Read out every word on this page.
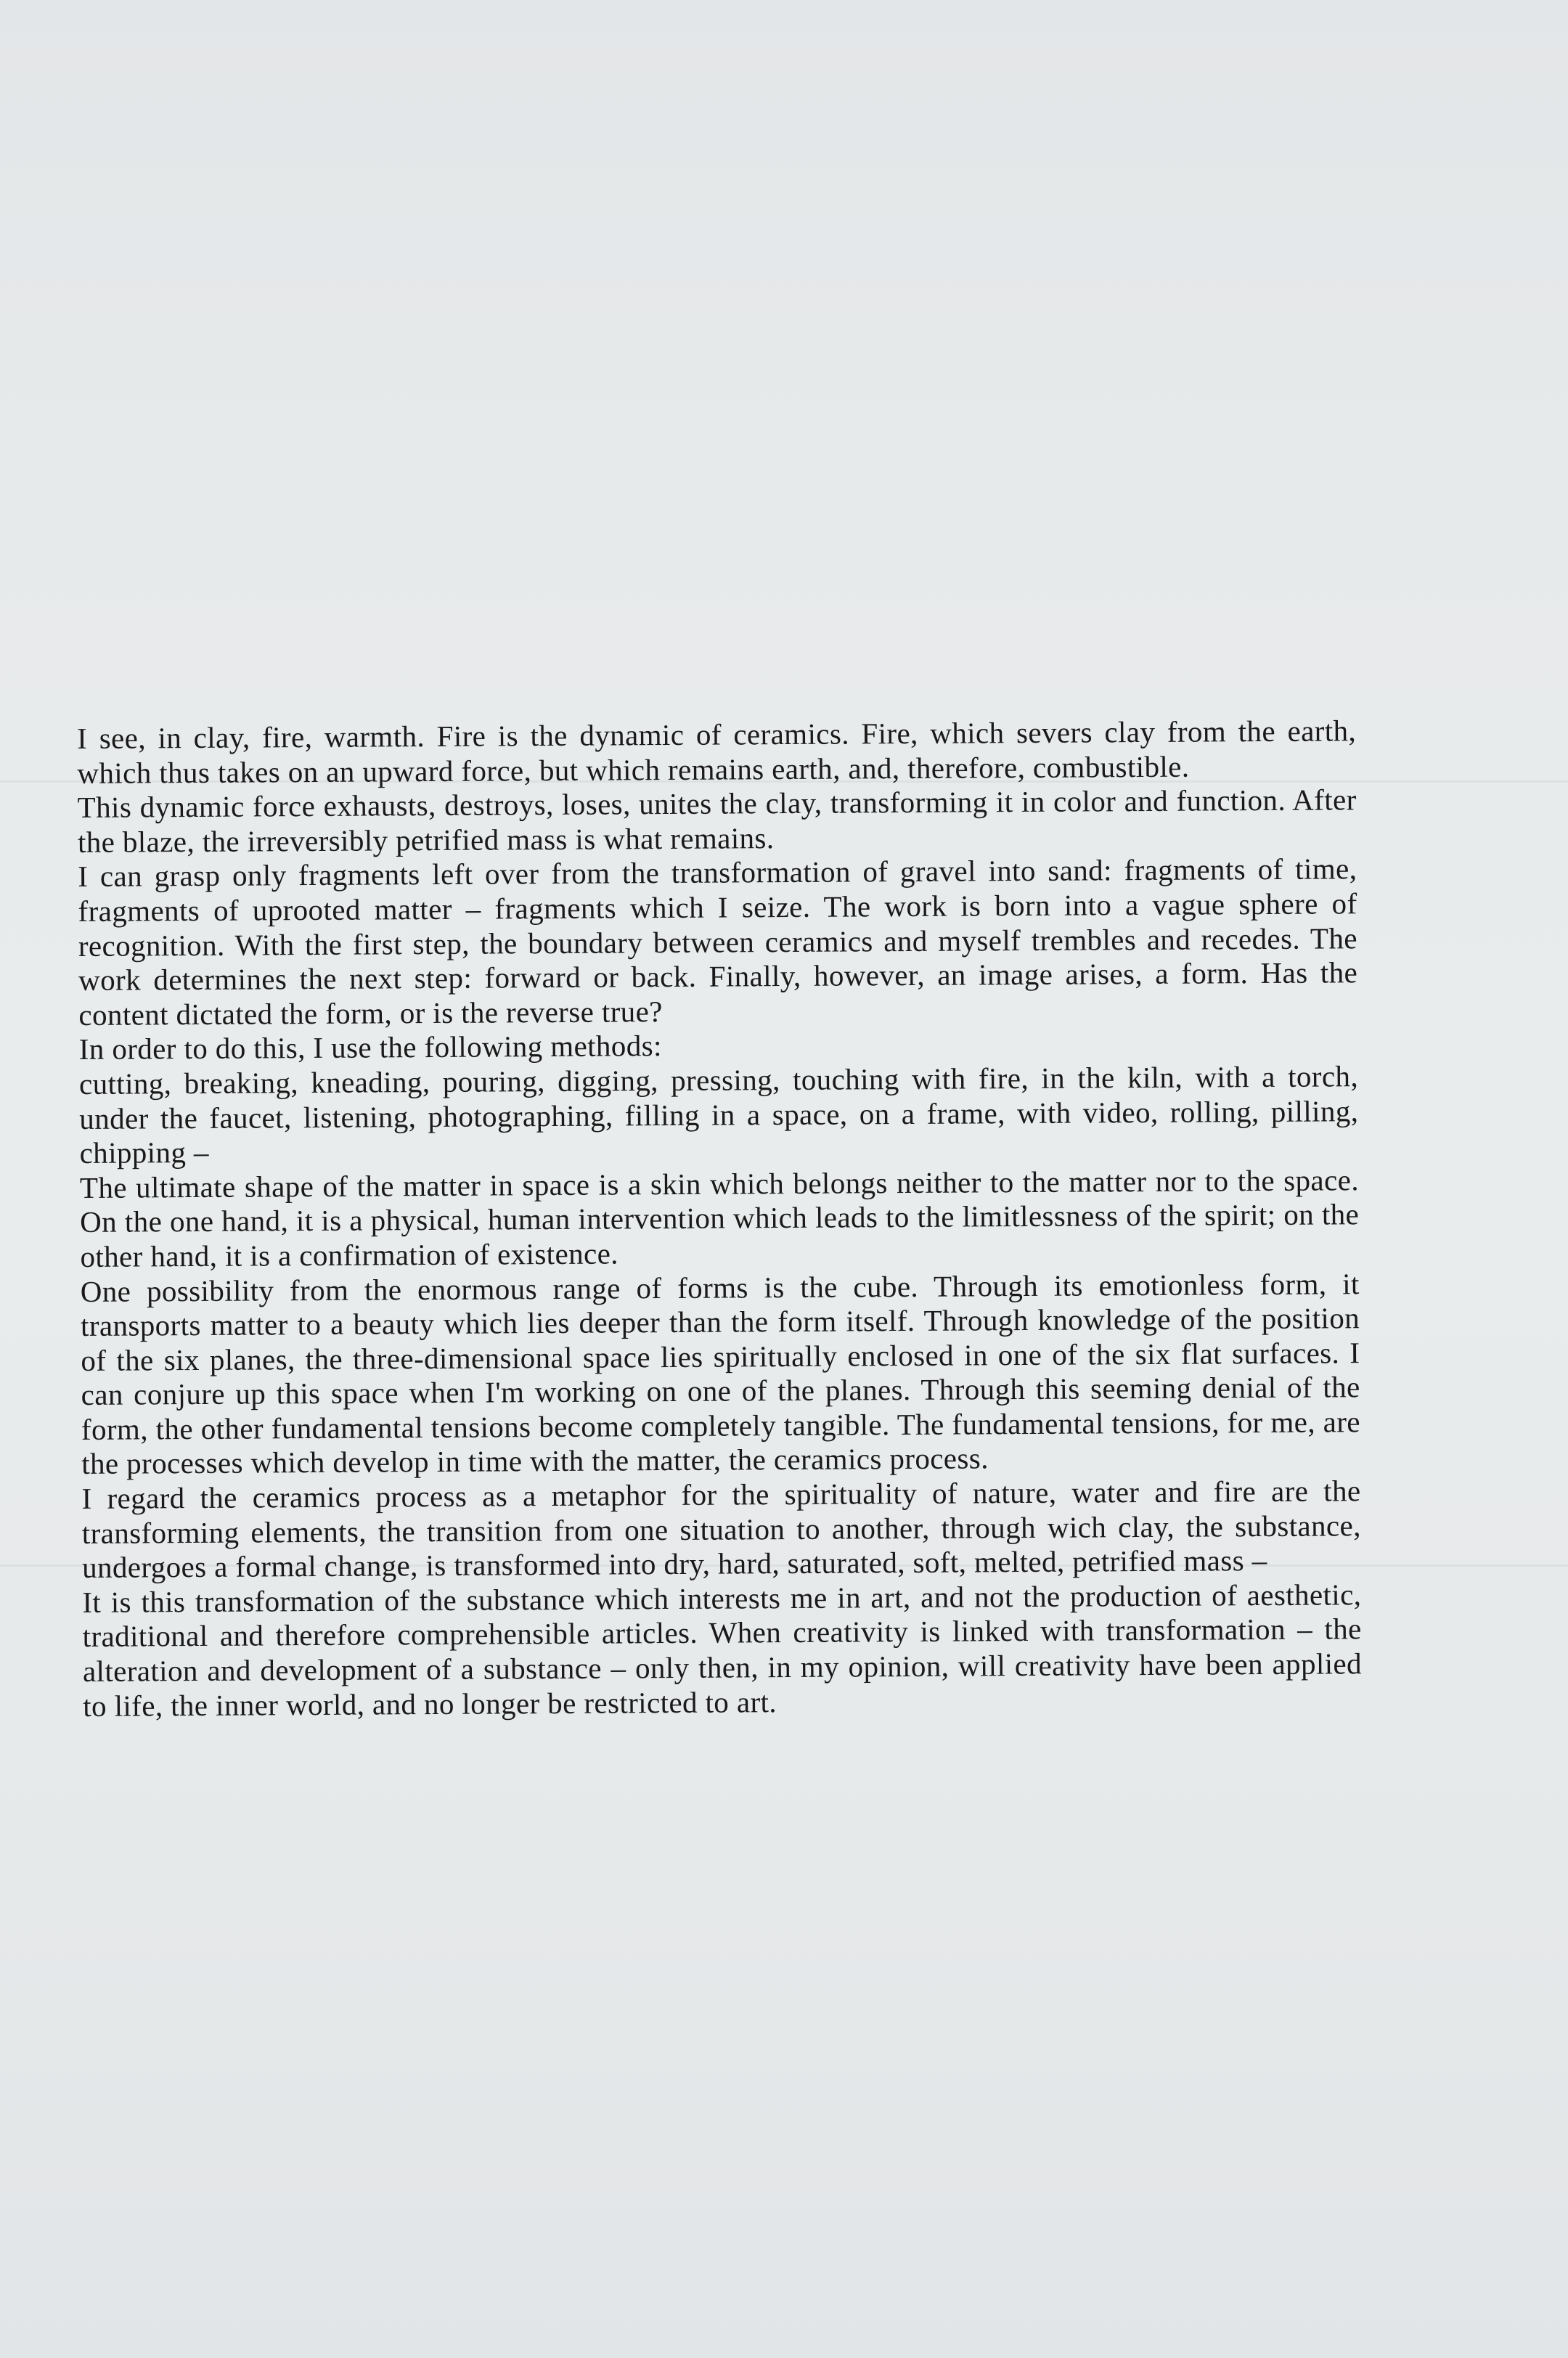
I see, in clay, fire, warmth. Fire is the dynamic of ceramics. Fire, which severs clay from the earth, which thus takes on an upward force, but which remains earth, and, therefore, combustible.

This dynamic force exhausts, destroys, loses, unites the clay, transforming it in color and function. After the blaze, the irreversibly petrified mass is what remains.

I can grasp only fragments left over from the transformation of gravel into sand: fragments of time, fragments of uprooted matter – fragments which I seize. The work is born into a vague sphere of recognition. With the first step, the boundary between ceramics and myself trembles and recedes. The work determines the next step: forward or back. Finally, however, an image arises, a form. Has the content dictated the form, or is the reverse true?

In order to do this, I use the following methods:

cutting, breaking, kneading, pouring, digging, pressing, touching with fire, in the kiln, with a torch, under the faucet, listening, photographing, filling in a space, on a frame, with video, rolling, pilling, chipping –

The ultimate shape of the matter in space is a skin which belongs neither to the matter nor to the space. On the one hand, it is a physical, human intervention which leads to the limitlessness of the spirit; on the other hand, it is a confirmation of existence.

One possibility from the enormous range of forms is the cube. Through its emotionless form, it transports matter to a beauty which lies deeper than the form itself. Through knowledge of the position of the six planes, the three-dimensional space lies spiritually enclosed in one of the six flat surfaces. I can conjure up this space when I'm working on one of the planes. Through this seeming denial of the form, the other fundamental tensions become completely tangible. The fundamental tensions, for me, are the processes which develop in time with the matter, the ceramics process.

I regard the ceramics process as a metaphor for the spirituality of nature, water and fire are the transforming elements, the transition from one situation to another, through wich clay, the substance, undergoes a formal change, is transformed into dry, hard, saturated, soft, melted, petrified mass –

It is this transformation of the substance which interests me in art, and not the production of aesthetic, traditional and therefore comprehensible articles. When creativity is linked with transformation – the alteration and development of a substance – only then, in my opinion, will creativity have been applied to life, the inner world, and no longer be restricted to art.
